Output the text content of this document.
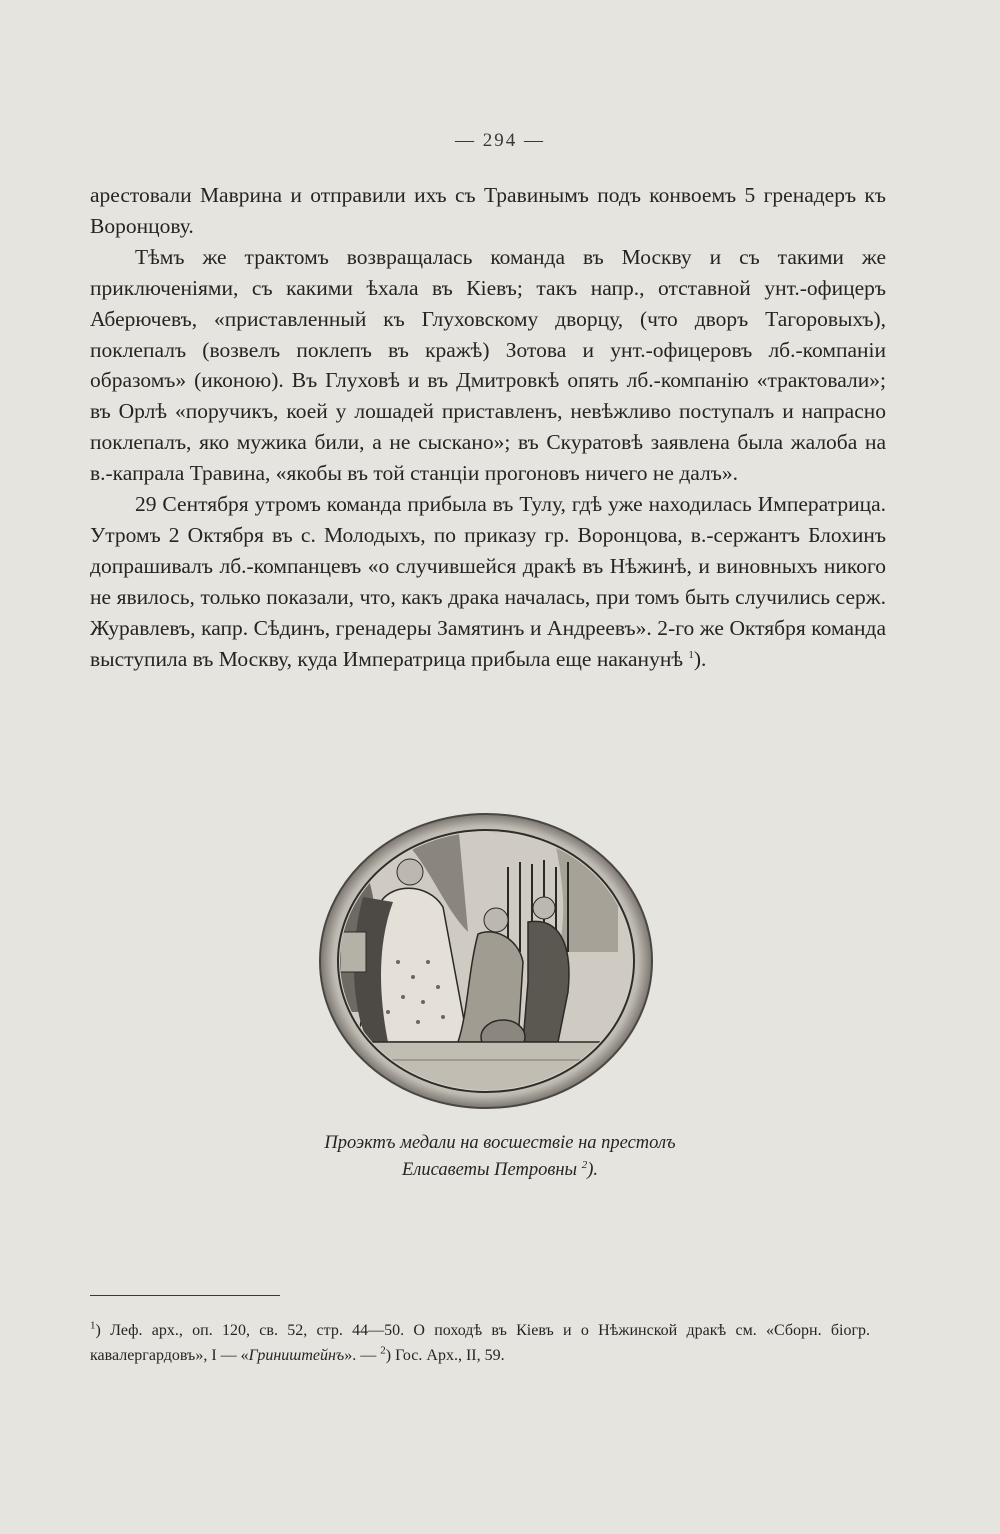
— 294 —

арестовали Маврина и отправили ихъ съ Травинымъ подъ конвоемъ 5 гренадеръ къ Воронцову.

Тѣмъ же трактомъ возвращалась команда въ Москву и съ такими же приключеніями, съ какими ѣхала въ Кіевъ; такъ напр., отставной унт.-офицеръ Аберючевъ, «приставленный къ Глуховскому дворцу, (что дворъ Тагоровыхъ), поклепалъ (возвелъ поклепъ въ кражѣ) Зотова и унт.-офицеровъ лб.-компаніи образомъ» (иконою). Въ Глуховѣ и въ Дмитровкѣ опять лб.-компанію «трактовали»; въ Орлѣ «поручикъ, коей у лошадей приставленъ, невѣжливо поступалъ и напрасно поклепалъ, яко мужика били, а не сыскано»; въ Скуратовѣ заявлена была жалоба на в.-капрала Травина, «якобы въ той станціи прогоновъ ничего не далъ».

29 Сентября утромъ команда прибыла въ Тулу, гдѣ уже находилась Императрица. Утромъ 2 Октября въ с. Молодыхъ, по приказу гр. Воронцова, в.-сержантъ Блохинъ допрашивалъ лб.-компанцевъ «о случившейся дракѣ въ Нѣжинѣ, и виновныхъ никого не явилось, только показали, что, какъ драка началась, при томъ быть случились серж. Журавлевъ, капр. Сѣдинъ, гренадеры Замятинъ и Андреевъ». 2-го же Октября команда выступила въ Москву, куда Императрица прибыла еще наканунѣ $^1$).

Проэктъ медали на восшествіе на престолъ
Елисаветы Петровны $^2$).
$^1$) Леф. арх., оп. 120, св. 52, стр. 44—50. О походѣ въ Кіевъ и о Нѣжинской дракѣ см. «Сборн. біогр. кавалергардовъ», I — «Гриништейнъ». — $^2$) Гос. Арх., II, 59.
